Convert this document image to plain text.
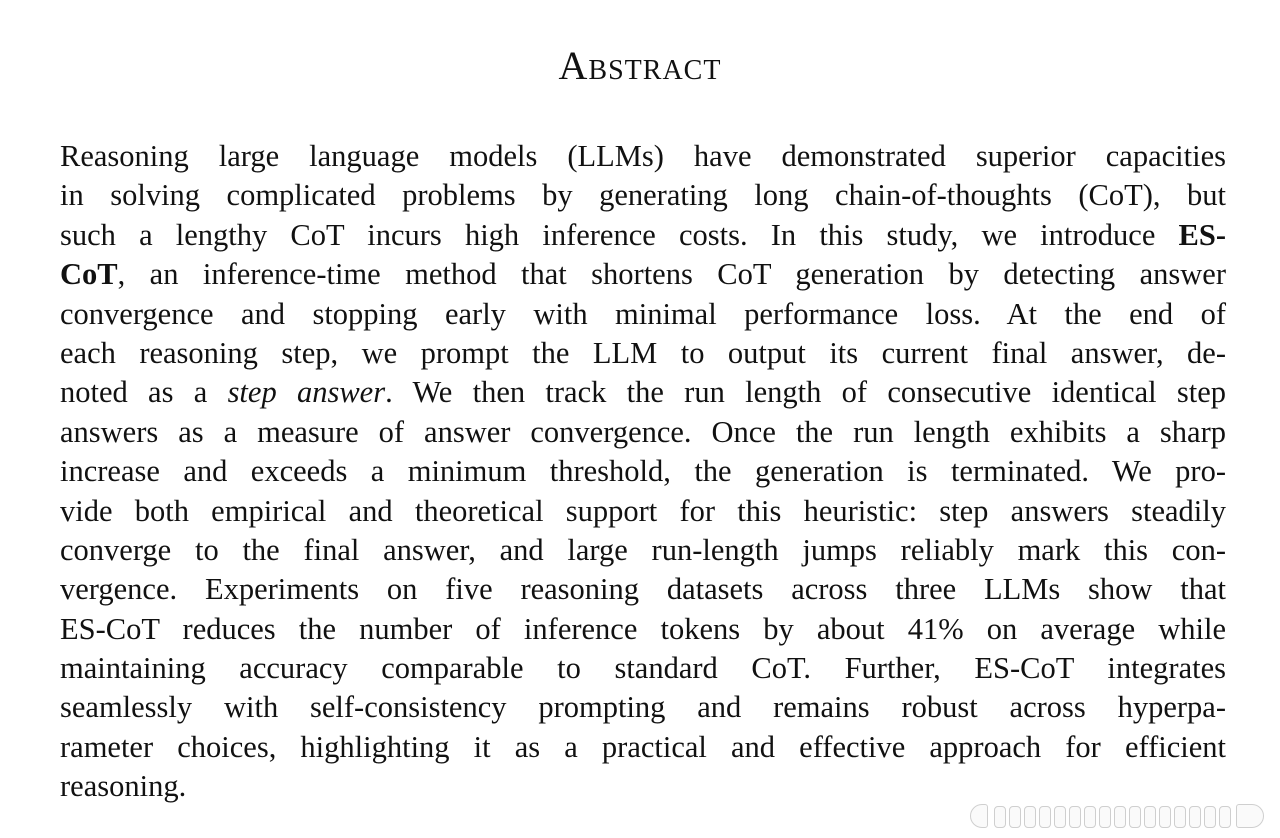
Abstract
Reasoning large language models (LLMs) have demonstrated superior capacities
in solving complicated problems by generating long chain-of-thoughts (CoT), but
such a lengthy CoT incurs high inference costs. In this study, we introduce ES-
CoT, an inference-time method that shortens CoT generation by detecting answer
convergence and stopping early with minimal performance loss. At the end of
each reasoning step, we prompt the LLM to output its current final answer, de-
noted as a step answer. We then track the run length of consecutive identical step
answers as a measure of answer convergence. Once the run length exhibits a sharp
increase and exceeds a minimum threshold, the generation is terminated. We pro-
vide both empirical and theoretical support for this heuristic: step answers steadily
converge to the final answer, and large run-length jumps reliably mark this con-
vergence. Experiments on five reasoning datasets across three LLMs show that
ES-CoT reduces the number of inference tokens by about 41% on average while
maintaining accuracy comparable to standard CoT. Further, ES-CoT integrates
seamlessly with self-consistency prompting and remains robust across hyperpa-
rameter choices, highlighting it as a practical and effective approach for efficient
reasoning.
